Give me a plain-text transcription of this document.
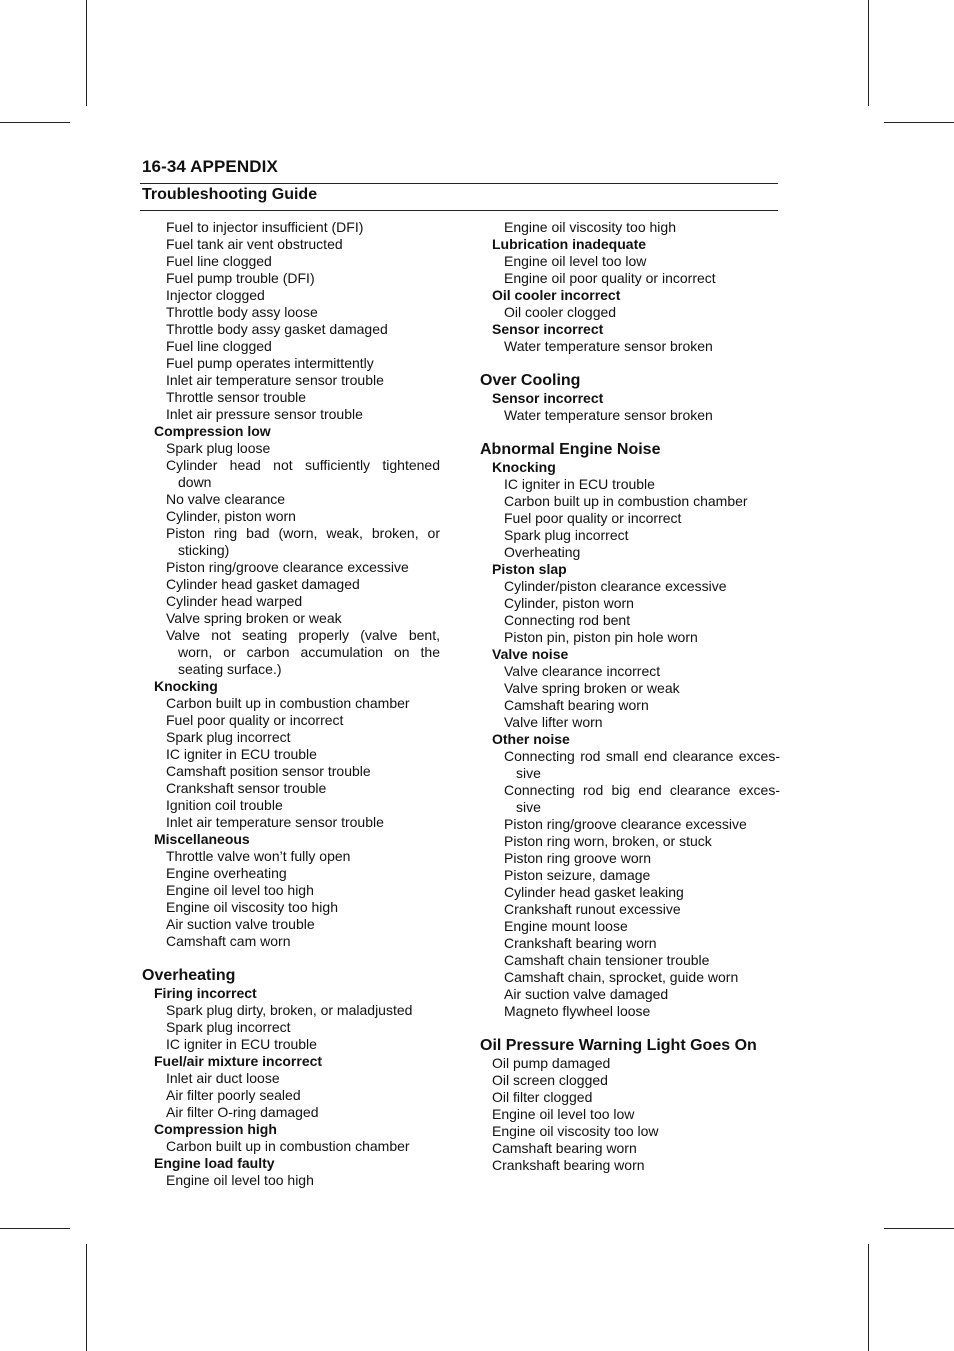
16-34 APPENDIX
Troubleshooting Guide
Fuel to injector insufficient (DFI)
Fuel tank air vent obstructed
Fuel line clogged
Fuel pump trouble (DFI)
Injector clogged
Throttle body assy loose
Throttle body assy gasket damaged
Fuel line clogged
Fuel pump operates intermittently
Inlet air temperature sensor trouble
Throttle sensor trouble
Inlet air pressure sensor trouble
Compression low
Spark plug loose
Cylinder head not sufficiently tightened down
No valve clearance
Cylinder, piston worn
Piston ring bad (worn, weak, broken, or sticking)
Piston ring/groove clearance excessive
Cylinder head gasket damaged
Cylinder head warped
Valve spring broken or weak
Valve not seating properly (valve bent, worn, or carbon accumulation on the seating surface.)
Knocking
Carbon built up in combustion chamber
Fuel poor quality or incorrect
Spark plug incorrect
IC igniter in ECU trouble
Camshaft position sensor trouble
Crankshaft sensor trouble
Ignition coil trouble
Inlet air temperature sensor trouble
Miscellaneous
Throttle valve won’t fully open
Engine overheating
Engine oil level too high
Engine oil viscosity too high
Air suction valve trouble
Camshaft cam worn
Overheating
Firing incorrect
Spark plug dirty, broken, or maladjusted
Spark plug incorrect
IC igniter in ECU trouble
Fuel/air mixture incorrect
Inlet air duct loose
Air filter poorly sealed
Air filter O-ring damaged
Compression high
Carbon built up in combustion chamber
Engine load faulty
Engine oil level too high
Engine oil viscosity too high
Lubrication inadequate
Engine oil level too low
Engine oil poor quality or incorrect
Oil cooler incorrect
Oil cooler clogged
Sensor incorrect
Water temperature sensor broken
Over Cooling
Sensor incorrect
Water temperature sensor broken
Abnormal Engine Noise
Knocking
IC igniter in ECU trouble
Carbon built up in combustion chamber
Fuel poor quality or incorrect
Spark plug incorrect
Overheating
Piston slap
Cylinder/piston clearance excessive
Cylinder, piston worn
Connecting rod bent
Piston pin, piston pin hole worn
Valve noise
Valve clearance incorrect
Valve spring broken or weak
Camshaft bearing worn
Valve lifter worn
Other noise
Connecting rod small end clearance exces-sive
Connecting rod big end clearance exces-sive
Piston ring/groove clearance excessive
Piston ring worn, broken, or stuck
Piston ring groove worn
Piston seizure, damage
Cylinder head gasket leaking
Crankshaft runout excessive
Engine mount loose
Crankshaft bearing worn
Camshaft chain tensioner trouble
Camshaft chain, sprocket, guide worn
Air suction valve damaged
Magneto flywheel loose
Oil Pressure Warning Light Goes On
Oil pump damaged
Oil screen clogged
Oil filter clogged
Engine oil level too low
Engine oil viscosity too low
Camshaft bearing worn
Crankshaft bearing worn
